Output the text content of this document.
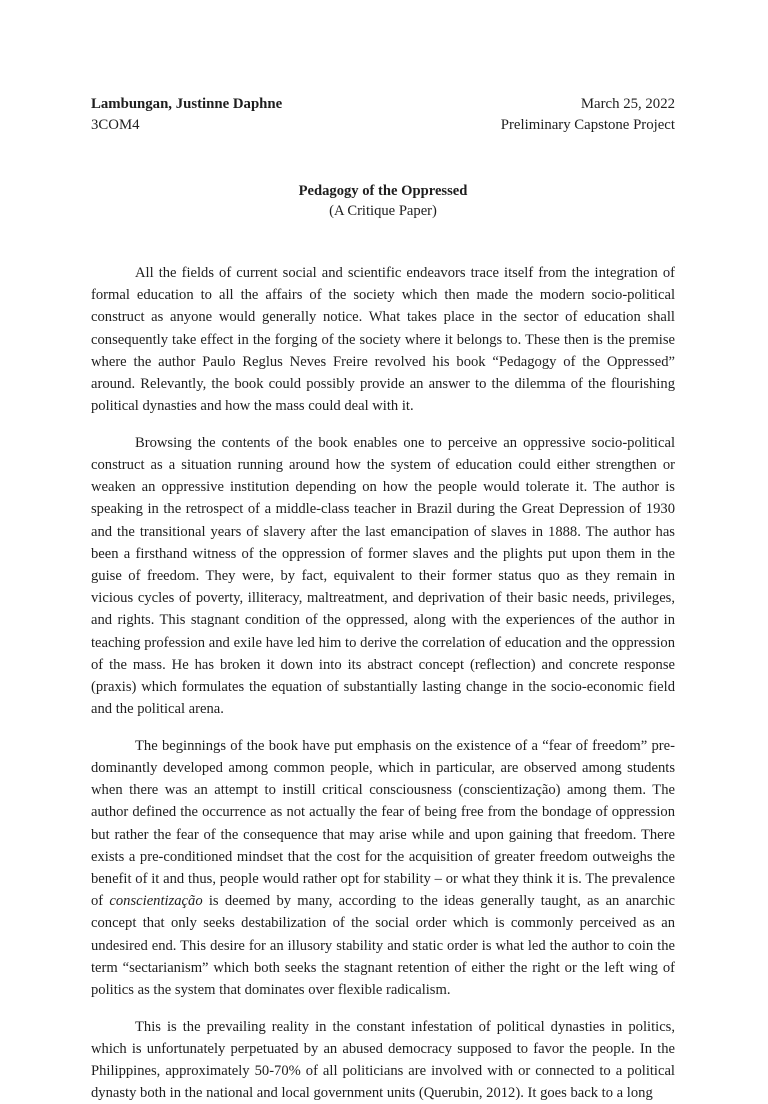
Lambungan, Justinne Daphne
3COM4
March 25, 2022
Preliminary Capstone Project
Pedagogy of the Oppressed
(A Critique Paper)

All the fields of current social and scientific endeavors trace itself from the integration of formal education to all the affairs of the society which then made the modern socio-political construct as anyone would generally notice. What takes place in the sector of education shall consequently take effect in the forging of the society where it belongs to. These then is the premise where the author Paulo Reglus Neves Freire revolved his book “Pedagogy of the Oppressed” around. Relevantly, the book could possibly provide an answer to the dilemma of the flourishing political dynasties and how the mass could deal with it.

Browsing the contents of the book enables one to perceive an oppressive socio-political construct as a situation running around how the system of education could either strengthen or weaken an oppressive institution depending on how the people would tolerate it. The author is speaking in the retrospect of a middle-class teacher in Brazil during the Great Depression of 1930 and the transitional years of slavery after the last emancipation of slaves in 1888. The author has been a firsthand witness of the oppression of former slaves and the plights put upon them in the guise of freedom. They were, by fact, equivalent to their former status quo as they remain in vicious cycles of poverty, illiteracy, maltreatment, and deprivation of their basic needs, privileges, and rights. This stagnant condition of the oppressed, along with the experiences of the author in teaching profession and exile have led him to derive the correlation of education and the oppression of the mass. He has broken it down into its abstract concept (reflection) and concrete response (praxis) which formulates the equation of substantially lasting change in the socio-economic field and the political arena.

The beginnings of the book have put emphasis on the existence of a “fear of freedom” pre-dominantly developed among common people, which in particular, are observed among students when there was an attempt to instill critical consciousness (conscientização) among them. The author defined the occurrence as not actually the fear of being free from the bondage of oppression but rather the fear of the consequence that may arise while and upon gaining that freedom. There exists a pre-conditioned mindset that the cost for the acquisition of greater freedom outweighs the benefit of it and thus, people would rather opt for stability – or what they think it is. The prevalence of conscientização is deemed by many, according to the ideas generally taught, as an anarchic concept that only seeks destabilization of the social order which is commonly perceived as an undesired end. This desire for an illusory stability and static order is what led the author to coin the term “sectarianism” which both seeks the stagnant retention of either the right or the left wing of politics as the system that dominates over flexible radicalism.

This is the prevailing reality in the constant infestation of political dynasties in politics, which is unfortunately perpetuated by an abused democracy supposed to favor the people. In the Philippines, approximately 50-70% of all politicians are involved with or connected to a political dynasty both in the national and local government units (Querubin, 2012). It goes back to a long
